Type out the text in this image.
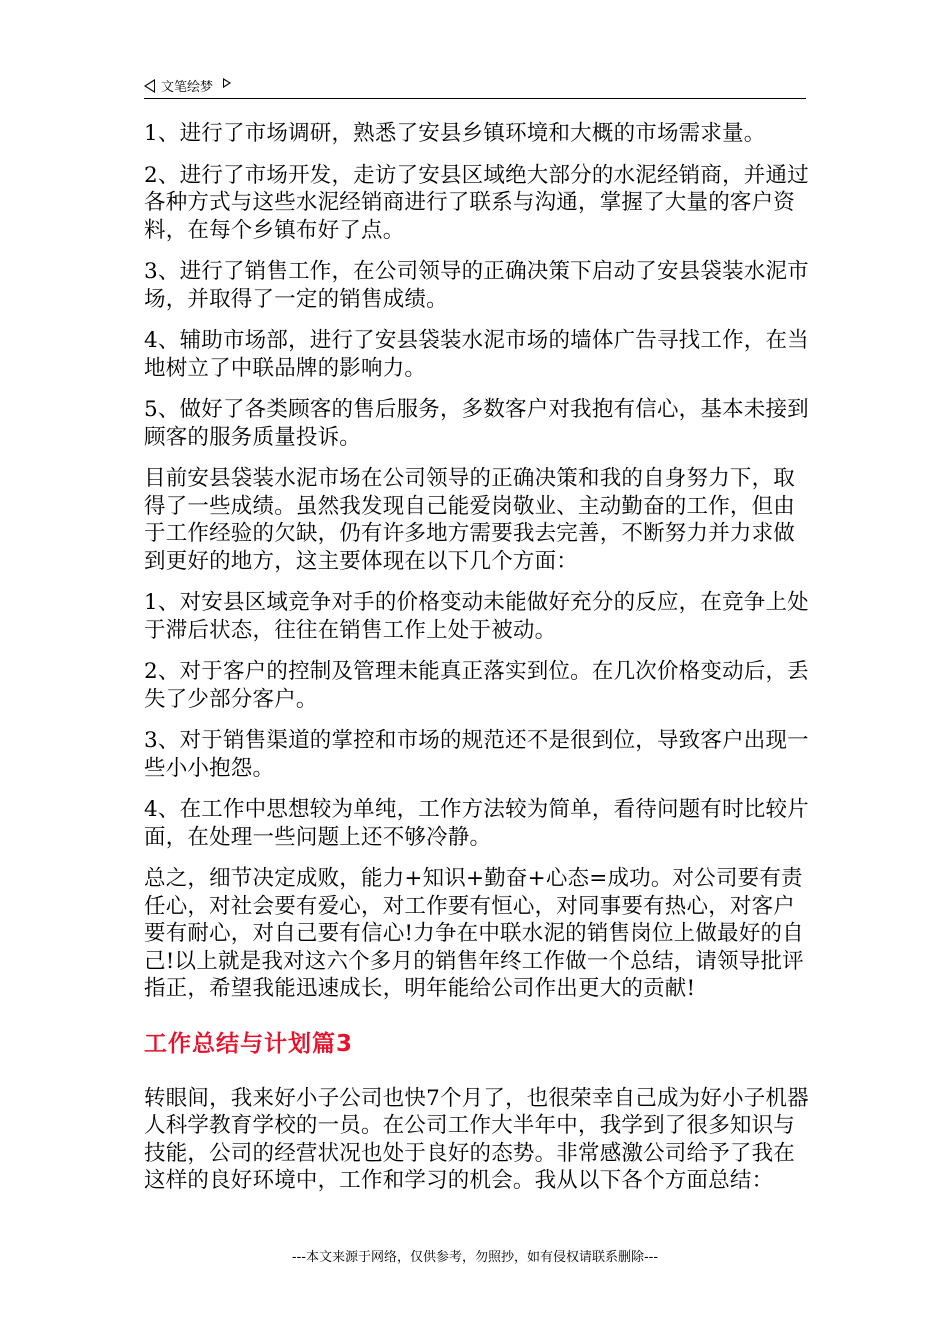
文笔绘梦

1、进行了市场调研，熟悉了安县乡镇环境和大概的市场需求量。

2、进行了市场开发，走访了安县区域绝大部分的水泥经销商，并通过各种方式与这些水泥经销商进行了联系与沟通，掌握了大量的客户资料，在每个乡镇布好了点。

3、进行了销售工作，在公司领导的正确决策下启动了安县袋装水泥市场，并取得了一定的销售成绩。

4、辅助市场部，进行了安县袋装水泥市场的墙体广告寻找工作，在当地树立了中联品牌的影响力。

5、做好了各类顾客的售后服务，多数客户对我抱有信心，基本未接到顾客的服务质量投诉。

目前安县袋装水泥市场在公司领导的正确决策和我的自身努力下，取得了一些成绩。虽然我发现自己能爱岗敬业、主动勤奋的工作，但由于工作经验的欠缺，仍有许多地方需要我去完善，不断努力并力求做到更好的地方，这主要体现在以下几个方面：

1、对安县区域竞争对手的价格变动未能做好充分的反应，在竞争上处于滞后状态，往往在销售工作上处于被动。

2、对于客户的控制及管理未能真正落实到位。在几次价格变动后，丢失了少部分客户。

3、对于销售渠道的掌控和市场的规范还不是很到位，导致客户出现一些小小抱怨。

4、在工作中思想较为单纯，工作方法较为简单，看待问题有时比较片面，在处理一些问题上还不够冷静。

总之，细节决定成败，能力+知识+勤奋+心态=成功。对公司要有责任心，对社会要有爱心，对工作要有恒心，对同事要有热心，对客户要有耐心，对自己要有信心!力争在中联水泥的销售岗位上做最好的自己!以上就是我对这六个多月的销售年终工作做一个总结，请领导批评指正，希望我能迅速成长，明年能给公司作出更大的贡献!

工作总结与计划篇3

转眼间，我来好小子公司也快7个月了，也很荣幸自己成为好小子机器人科学教育学校的一员。在公司工作大半年中，我学到了很多知识与技能，公司的经营状况也处于良好的态势。非常感激公司给予了我在这样的良好环境中，工作和学习的机会。我从以下各个方面总结：

---本文来源于网络，仅供参考，勿照抄，如有侵权请联系删除---
